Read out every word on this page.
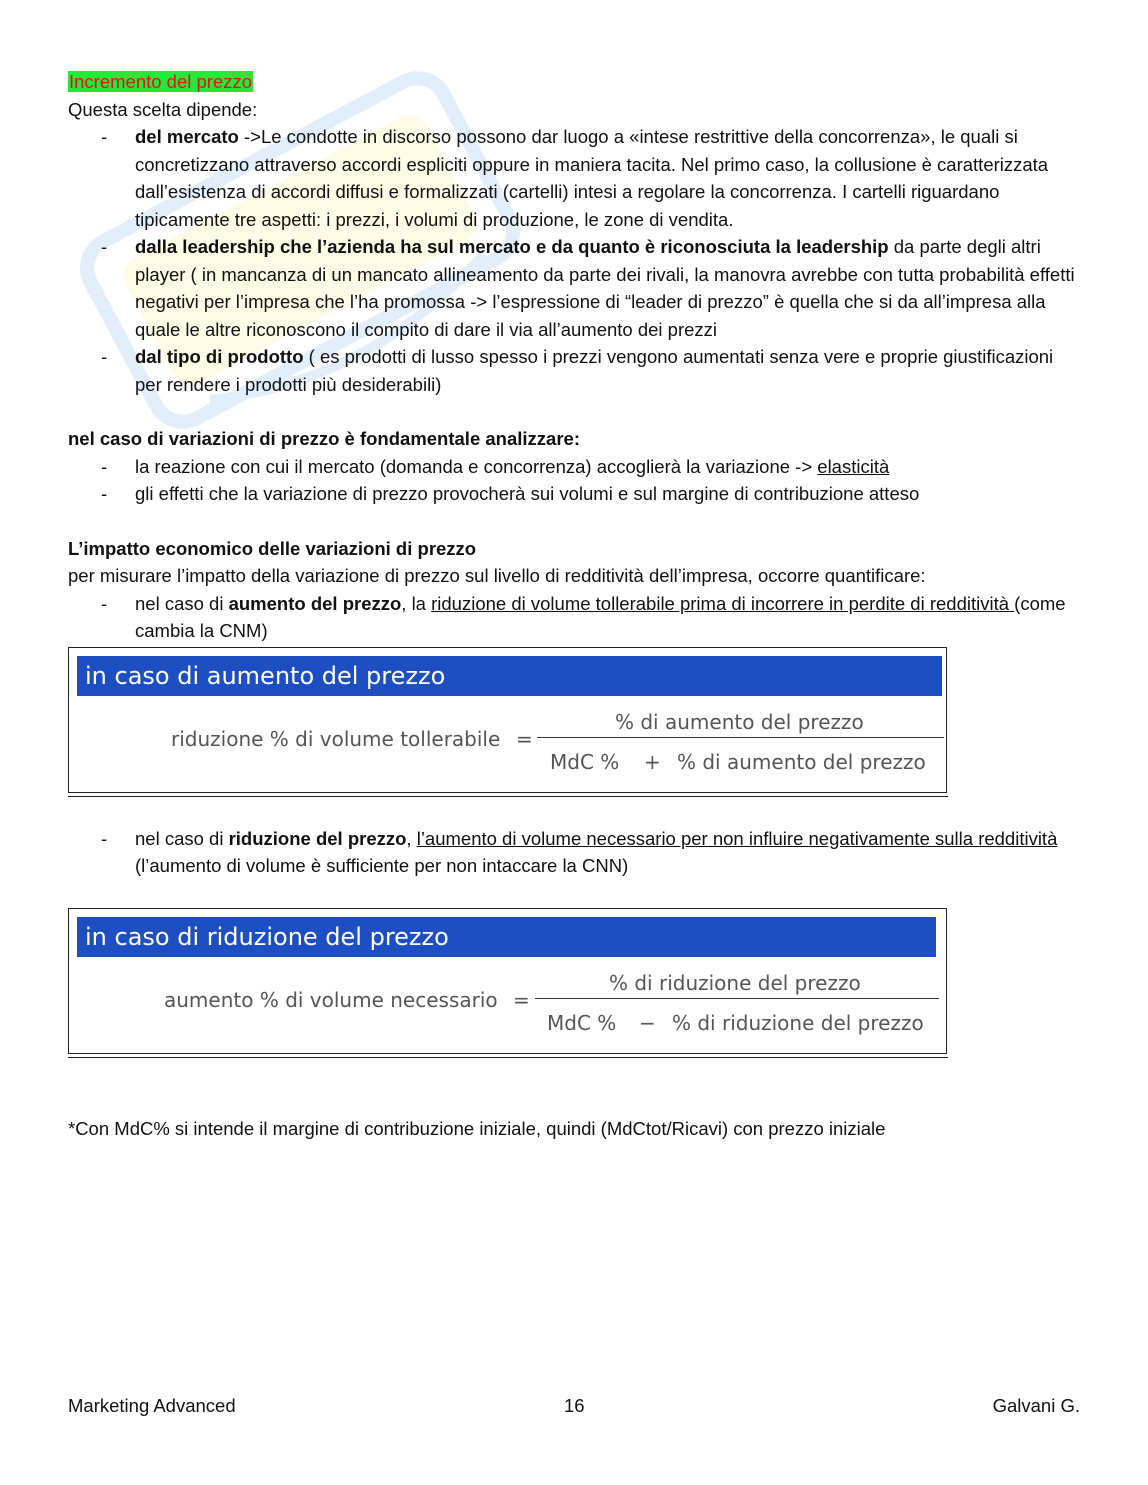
Incremento del prezzo

Questa scelta dipende:

- del mercato ->Le condotte in discorso possono dar luogo a «intese restrittive della concorrenza», le quali si concretizzano attraverso accordi espliciti oppure in maniera tacita. Nel primo caso, la collusione è caratterizzata dall’esistenza di accordi diffusi e formalizzati (cartelli) intesi a regolare la concorrenza. I cartelli riguardano tipicamente tre aspetti: i prezzi, i volumi di produzione, le zone di vendita.
- dalla leadership che l’azienda ha sul mercato e da quanto è riconosciuta la leadership da parte degli altri player ( in mancanza di un mancato allineamento da parte dei rivali, la manovra avrebbe con tutta probabilità effetti negativi per l’impresa che l’ha promossa -> l’espressione di “leader di prezzo” è quella che si da all’impresa alla quale le altre riconoscono il compito di dare il via all’aumento dei prezzi
- dal tipo di prodotto ( es prodotti di lusso spesso i prezzi vengono aumentati senza vere e proprie giustificazioni per rendere i prodotti più desiderabili)

nel caso di variazioni di prezzo è fondamentale analizzare:

- la reazione con cui il mercato (domanda e concorrenza) accoglierà la variazione -> elasticità
- gli effetti che la variazione di prezzo provocherà sui volumi e sul margine di contribuzione atteso

L’impatto economico delle variazioni di prezzo

per misurare l’impatto della variazione di prezzo sul livello di redditività dell’impresa, occorre quantificare:

- nel caso di aumento del prezzo, la riduzione di volume tollerabile prima di incorrere in perdite di redditività (come cambia la CNM)
in caso di aumento del prezzo
riduzione % di volume tollerabile =
% di aumento del prezzo
MdC % + % di aumento del prezzo
- nel caso di riduzione del prezzo, l’aumento di volume necessario per non influire negativamente sulla redditività (l’aumento di volume è sufficiente per non intaccare la CNN)
in caso di riduzione del prezzo
aumento % di volume necessario =
% di riduzione del prezzo
MdC % − % di riduzione del prezzo

*Con MdC% si intende il margine di contribuzione iniziale, quindi (MdCtot/Ricavi) con prezzo iniziale

Marketing Advanced	16	Galvani G.
